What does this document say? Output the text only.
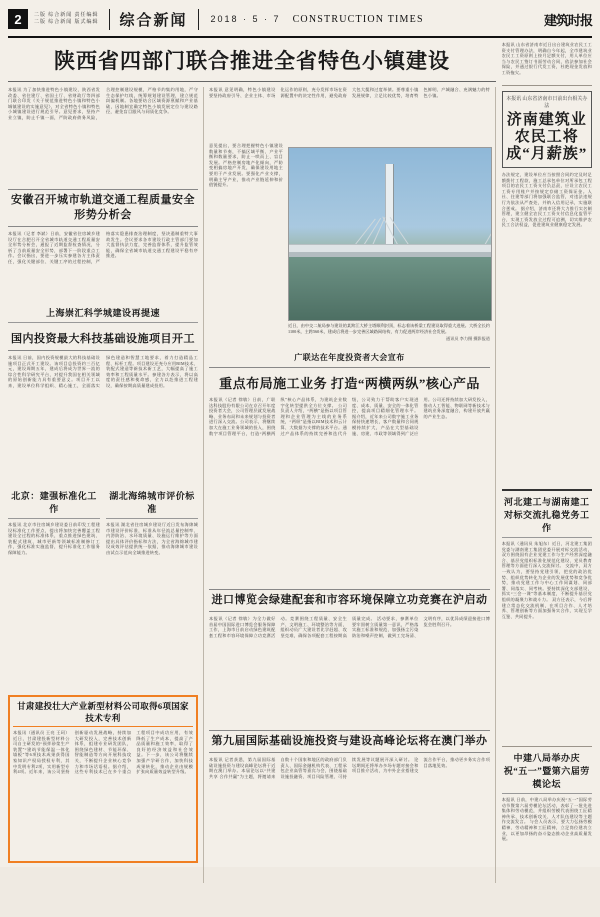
2	二版 综合新闻 责任编辑
二版 综合新闻 版式编辑	综合新闻	2018 · 5 · 7 CONSTRUCTION TIMES	建筑时报
陕西省四部门联合推进全省特色小镇建设
本报讯 为了加快推进特色小镇建设，陕西省发改委、省住建厅、省国土厅、省财政厅等四部门联合印发《关于规范推进特色小镇和特色小城镇建设的实施意见》，对全省特色小镇和特色小城镇建设进行规范引导。意见要求，坚持产业立镇，防止千镇一面，严防政府债务风险，合理控制建设规模，严格节约集约用地，严守生态保护红线，统筹规划建设管理，建立规范纠偏机制。各地要结合区域资源禀赋和产业基础，因地制宜确定特色小镇发展定位与建设路径，避免盲目跟风与同质化竞争。
安徽召开城市轨道交通工程质量安全形势分析会
本报讯（记者 李斌）日前，安徽省住房城乡建设厅在合肥召开全省城市轨道交通工程质量安全形势分析会，通报了近期监督检查情况，分析了当前质量安全形势，部署下一阶段重点工作。会议指出，要进一步压实参建各方主体责任，强化关键部位、关键工序的过程控制，严格落实隐患排查治理制度，坚决遏制重特大事故发生。会议要求各市建设行政主管部门要加大监督执法力度，完善监督体系，提升监管效能，确保全省城市轨道交通工程建设平稳有序推进。
上海崇汇科学城建设再提速
国内投资最大科技基础设施项目开工
本报讯 日前，国内投资规模最大的科技基础设施项目正式开工建设。该项目总投资约三百亿元，建设周期五年，建成后将成为世界一流的综合性科学研究平台，对提升我国在相关领域的原始创新能力具有重要意义。项目开工以来，建设单位科学组织、精心施工，全面落实绿色建造和智慧工地要求，着力打造精品工程、标杆工程。项目建设还充分应用BIM技术、装配式建造等新技术新工艺，大幅提高了施工效率和工程质量水平。参建各方表示，将以高度的责任感和使命感，全力以赴推进工程建设，确保按期高质量建成投用。
北京：建强标准化工作
本报讯 北京市住房城乡建设委日前印发工程建设标准化工作要点，提出将加快完善覆盖工程建设全过程的标准体系，重点推进绿色建筑、装配式建筑、城市更新等领域标准制修订工作，强化标准实施监督，提升标准化工作服务保障能力。
湖北海绵城市评价标准
本报讯 湖北省住房城乡建设厅近日发布海绵城市建设评价标准，标准从年径流总量控制率、内涝防治、水环境质量、设施运行维护等方面提出具体评价指标和方法，为全省海绵城市建设成效评估提供统一依据，推动海绵城市建设由试点示范向全域推进转变。
甘肃建投壮大产业新型材料公司取得6项国家技术专利
本报讯（通讯员 王亮 王珂）近日，甘肃建投新型材料公司自主研发的“预拌砂浆生产装置”“建筑节能保温一体化墙板”等6项技术成果获得国家知识产权局授权专利，其中发明专利2项，实用新型专利4项。近年来，该公司坚持创新驱动发展战略，持续加大研发投入，完善技术创新体系，组建专业研发团队，围绕绿色建材、节能环保、智能制造等方向开展科技攻关，不断提升企业核心竞争力和市场话语权。据介绍，这些专利技术已在多个重点工程项目中成功应用，有效降低了生产成本，提高了产品质量和施工效率，取得了良好的经济效益和社会效益。下一步，该公司将继续加强产学研合作，加快科技成果转化，推动企业由规模扩张向质量效益转型升级。
本报讯 意见明确，特色小镇建设要坚持政府引导、企业主体、市场化运作的原则，充分发挥市场在资源配置中的决定性作用，避免政府大包大揽和过度举债。要尊重小镇发展规律，立足比较优势，培育特色鲜明、产城融合、充满魅力的特色小镇。
意见提出，要合理把握特色小镇建设数量和节奏，不搞区域平衡、产业平衡和数量要求，防止一哄而上、盲目发展。严格控制房地产化倾向，严防变相搞房地产开发，确保建设用地主要用于产业发展。要强化产业支撑，明确主导产业，推动产业链延伸和价值链提升。
近日，由中交二航局参与建设的某跨江大桥主塔顺利封顶，标志着该桥梁工程建设取得重大进展。大桥全长约1100米，主跨560米，建成后将进一步完善区域路网结构，有力促进两岸经济社会发展。
通讯员 李力摄 摄影报道
广联达在年度投资者大会宣布
重点布局施工业务 打造“两横两纵”核心产品
本报讯（记者 徐敏）日前，广联达科技股份有限公司在京召开年度投资者大会，公司管理层就发展战略、业务布局和未来规划与投资者进行深入交流。公司表示，将继续加大在施工业务领域的投入，围绕数字项目管理平台，打造“两横两纵”核心产品体系，为建筑企业数字化转型提供全方位支撑。 公司负责人介绍，“两横”是指以项目管理和企业管理为主线的业务系统，“两纵”是指以BIM技术和云计算、大数据为支撑的技术平台。通过产品体系的持续完善和迭代升级，公司致力于帮助客户实现进度、成本、质量、安全的一体化管控，提高项目精细化管理水平。 据介绍，近年来公司数字施工业务保持快速增长，客户数量和合同规模持续扩大，产品在大型基础设施、房建、市政等领域得到广泛应用。公司还将持续加大研发投入，推动人工智能、物联网等新技术与建筑业务深度融合，构建开放共赢的产业生态。
进口博览会绿建配套和市容环境保障立功竞赛在沪启动
本报讯（记者 徐敏）为全力做好首届中国国际进口博览会服务保障工作，上海市日前启动绿色建筑配套工程和市容环境保障立功竞赛活动。竞赛围绕工程质量、安全生产、文明施工、环境整治等方面，组织动员广大建设者比学赶超、攻坚克难，确保各项配套工程按期高质量完成。 活动要求，参赛单位要牢固树立质量第一意识，严格落实施工标准和规范，加强扬尘污染防治和噪声控制，做到工完场清、文明有序，以优异成绩迎接进口博览会胜利召开。
第九届国际基础设施投资与建设高峰论坛将在澳门举办
本报讯 记者获悉，第九届国际基础设施投资与建设高峰论坛将于近期在澳门举办。本届论坛以“共建共享 合作共赢”为主题，将邀请来自数十个国家和地区的政府部门负责人、国际金融机构代表、工程承包企业高管等嘉宾与会，围绕基础设施投融资、项目风险管理、可持续发展等议题展开深入研讨。 论坛期间还将举办多场专题对接会和项目推介活动，为中外企业搭建交流合作平台，推动更多务实合作项目落地见效。
本报讯 山东省济南市近日出台建筑业农民工工资支付管理办法，明确自今年起，全市建筑业农民工工资原则上按月足额支付，用人单位应当与农民工签订书面劳动合同，依法参加社会保险，并通过银行代发工资，杜绝现金发放和工资拖欠。
本报讯 山东省济南市日前出台相关办法
济南建筑业农民工将成“月薪族”
办法规定，建设单位应当按照合同约定及时足额拨付工程款，施工总承包单位对所承包工程项目的农民工工资支付负总责，应设立农民工工资专用账户并按规定存储工资保证金。人社、住建等部门将加强联合监管，对违法违规行为依法从严查处，并纳入信用记录，实施联合惩戒。 据介绍，济南市还将大力推行实名制管理，建立健全农民工工资支付信息化监管平台，实现工资发放全过程可追溯，切实维护农民工合法权益，促进建筑业健康稳定发展。
河北建工与湖南建工对标交流扎稳党务工作
本报讯（通讯员 朱旭东）近日，河北建工集团党委与湖南建工集团党委开展对标交流活动，双方围绕国有企业党建工作与生产经营深度融合、基层党组织标准化规范化建设、党员教育管理等方面进行深入交流探讨。 交流中，双方一致认为，要坚持党建引领，把党的政治优势、组织优势转化为企业的发展优势和竞争优势，推动党建工作与中心工作同谋划、同部署、同落实、同考核。要持续深化支部建设，抓实“三会一课”等基本制度，不断提升基层党组织的凝聚力和战斗力。 双方还表示，今后将建立常态化交流机制，在项目合作、人才培养、管理创新等方面加强务实合作，实现互学互鉴、共同提升。
中建八局举办庆祝“五一”暨第六届劳模论坛
本报讯 日前，中建八局举办庆祝“五一”国际劳动节暨第六届劳模论坛活动，表彰了一批先进集体和劳动模范，并组织劳模代表围绕工匠精神传承、技术创新攻关、人才队伍建设等主题作交流发言。 与会人员表示，要大力弘扬劳模精神、劳动精神和工匠精神，立足岗位建功立业，以更加昂扬的奋斗姿态推动企业高质量发展。
